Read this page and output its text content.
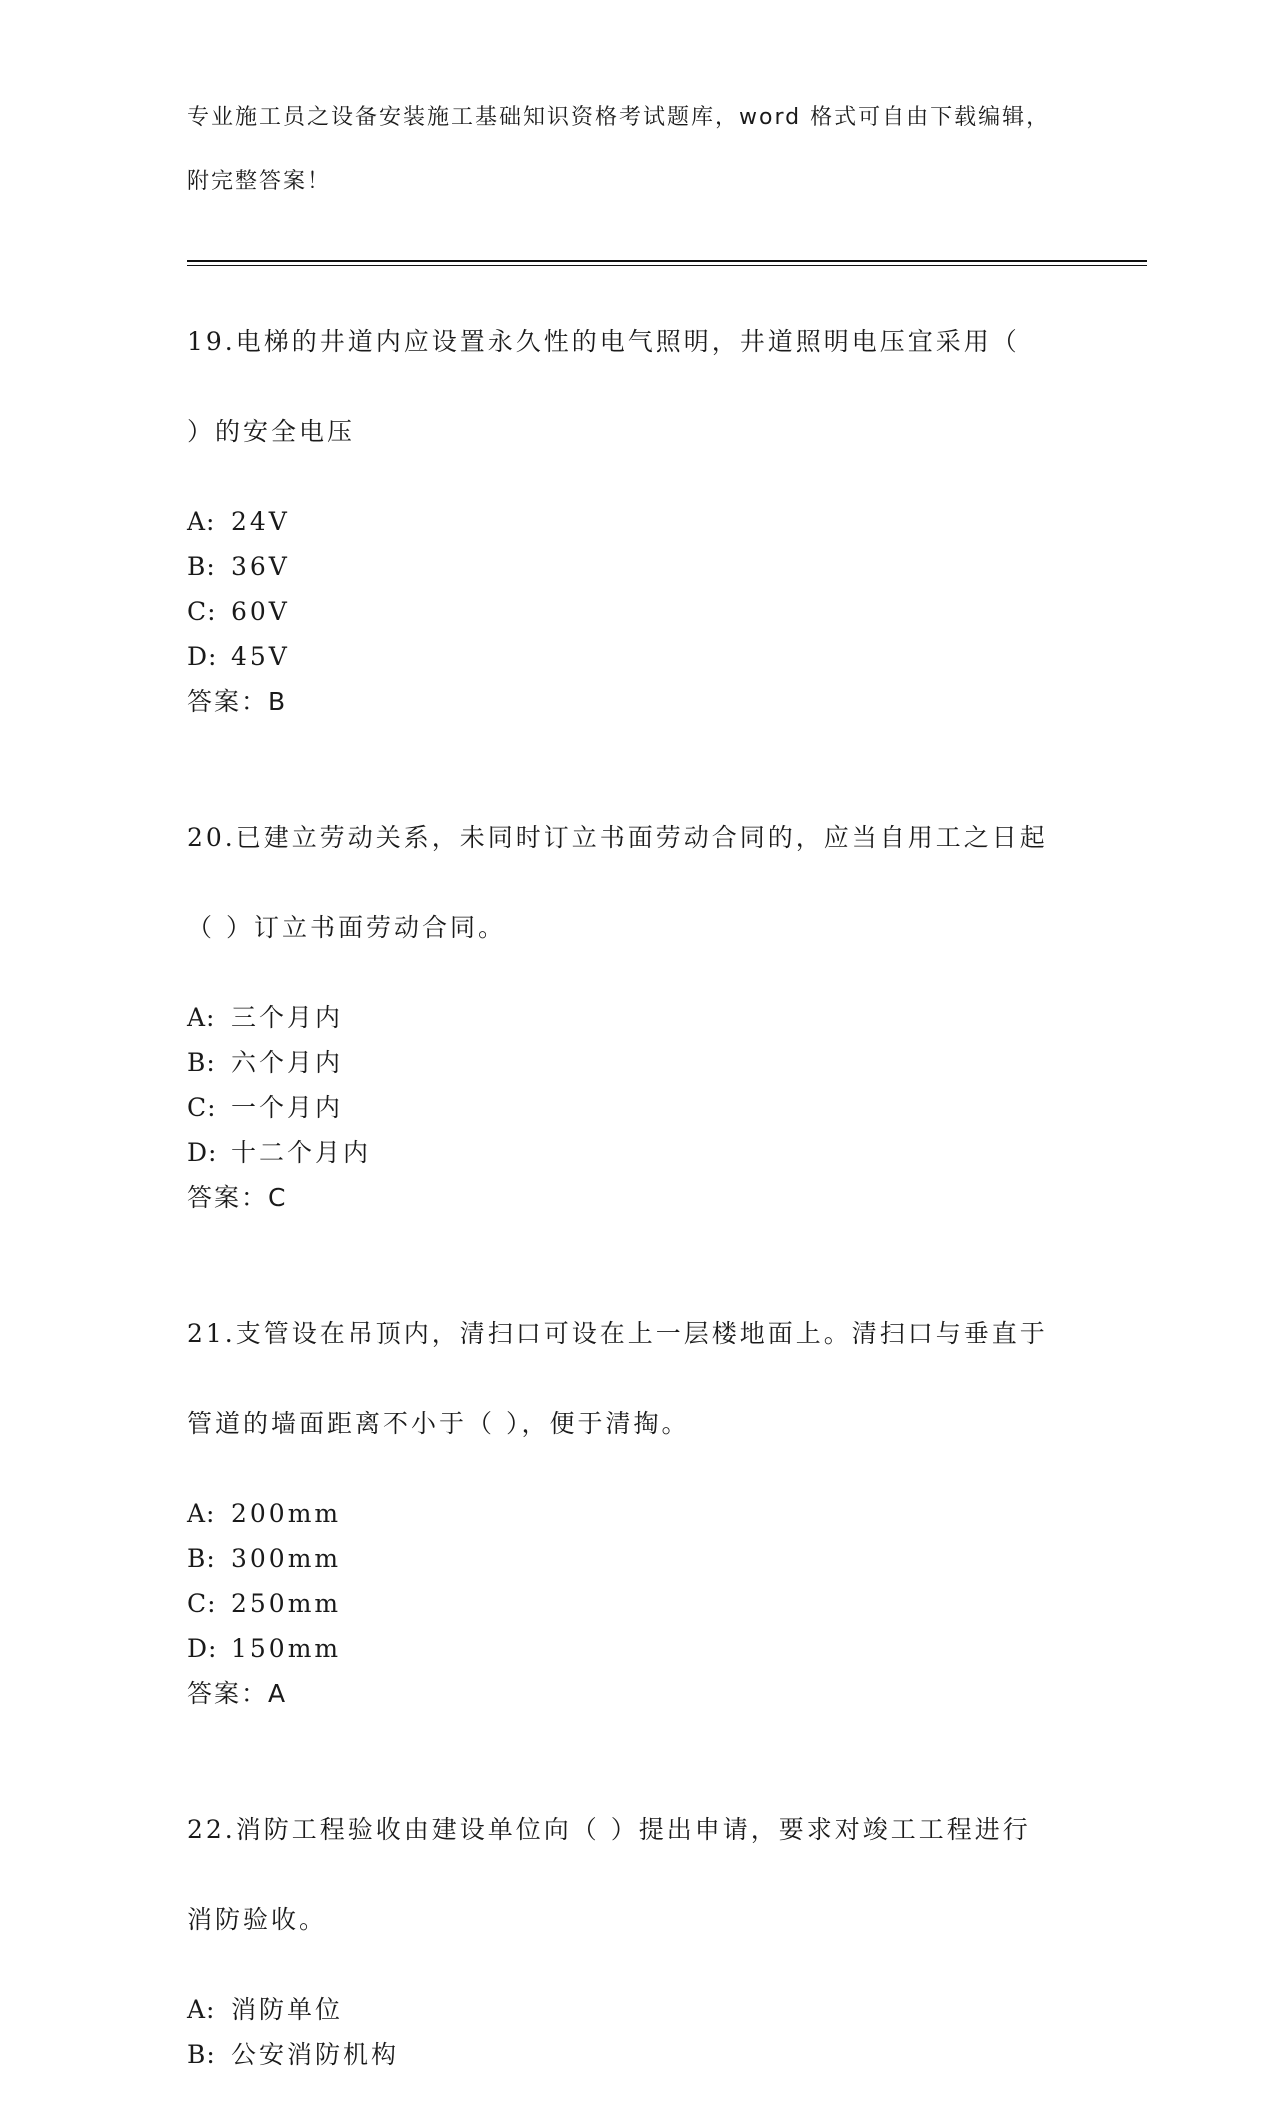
专业施工员之设备安装施工基础知识资格考试题库，word 格式可自由下载编辑，

附完整答案！

19.电梯的井道内应设置永久性的电气照明，井道照明电压宜采用（

）的安全电压

A: 24V
B: 36V
C: 60V
D: 45V
答案：B

20.已建立劳动关系，未同时订立书面劳动合同的，应当自用工之日起

（ ）订立书面劳动合同。

A: 三个月内
B: 六个月内
C: 一个月内
D: 十二个月内
答案：C

21.支管设在吊顶内，清扫口可设在上一层楼地面上。清扫口与垂直于

管道的墙面距离不小于（ ），便于清掏。

A: 200mm
B: 300mm
C: 250mm
D: 150mm
答案：A

22.消防工程验收由建设单位向（ ）提出申请，要求对竣工工程进行

消防验收。

A: 消防单位
B: 公安消防机构
